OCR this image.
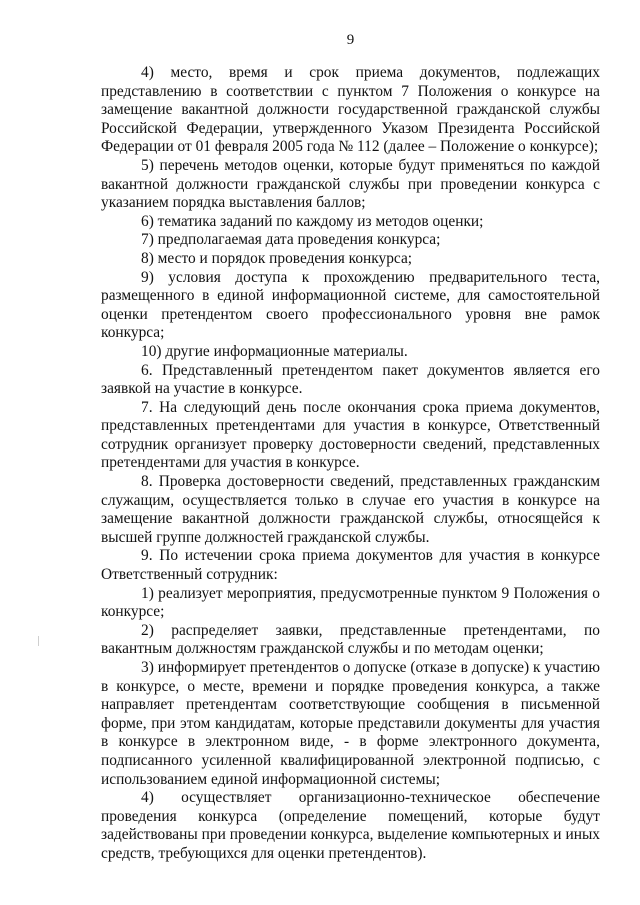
9

4) место, время и срок приема документов, подлежащих представлению в соответствии с пунктом 7 Положения о конкурсе на замещение вакантной должности государственной гражданской службы Российской Федерации, утвержденного Указом Президента Российской Федерации от 01 февраля 2005 года № 112 (далее – Положение о конкурсе);

5) перечень методов оценки, которые будут применяться по каждой вакантной должности гражданской службы при проведении конкурса с указанием порядка выставления баллов;

6) тематика заданий по каждому из методов оценки;

7) предполагаемая дата проведения конкурса;

8) место и порядок проведения конкурса;

9) условия доступа к прохождению предварительного теста, размещенного в единой информационной системе, для самостоятельной оценки претендентом своего профессионального уровня вне рамок конкурса;

10) другие информационные материалы.

6. Представленный претендентом пакет документов является его заявкой на участие в конкурсе.

7. На следующий день после окончания срока приема документов, представленных претендентами для участия в конкурсе, Ответственный сотрудник организует проверку достоверности сведений, представленных претендентами для участия в конкурсе.

8. Проверка достоверности сведений, представленных гражданским служащим, осуществляется только в случае его участия в конкурсе на замещение вакантной должности гражданской службы, относящейся к высшей группе должностей гражданской службы.

9. По истечении срока приема документов для участия в конкурсе Ответственный сотрудник:

1) реализует мероприятия, предусмотренные пунктом 9 Положения о конкурсе;

2) распределяет заявки, представленные претендентами, по вакантным должностям гражданской службы и по методам оценки;

3) информирует претендентов о допуске (отказе в допуске) к участию в конкурсе, о месте, времени и порядке проведения конкурса, а также направляет претендентам соответствующие сообщения в письменной форме, при этом кандидатам, которые представили документы для участия в конкурсе в электронном виде, - в форме электронного документа, подписанного усиленной квалифицированной электронной подписью, с использованием единой информационной системы;

4) осуществляет организационно-техническое обеспечение проведения конкурса (определение помещений, которые будут задействованы при проведении конкурса, выделение компьютерных и иных средств, требующихся для оценки претендентов).
